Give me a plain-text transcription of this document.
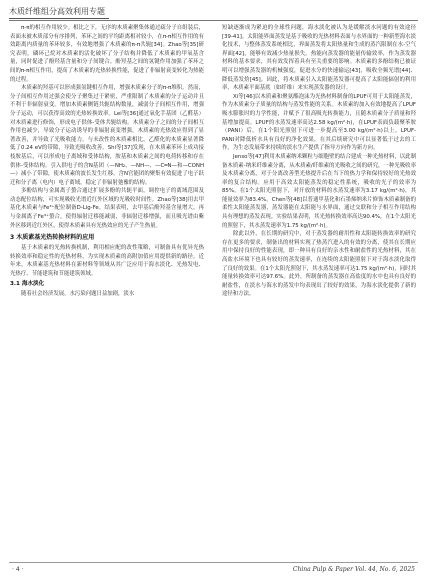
木质纤维组分高效利用专题

π-π的相互作用较少。相比之下，无序的木质素聚集体通过疏分子自组装后，表面未被木质部分有序排列，苯环之间的平均距离相对较小，在π-π相互作用的有效距离内质量的苯环较多，有效地增强了木质素的π-π共轭[34]。Zhao等[35]研究表明，磷环己烷对木质素的活化破坏了分子结构并降低了木质素的甲氧基含量，同时促进了酚羟基含量和分子间键合。酚羟基之间的氢键作用加强了苯环之间的π-π相互作用，提高了木质素的光热转换性能，促进了非辐射衰变转化为热能的过程。

木质素的羟基可以形成强氢键相互作用，增强木质素分子的π-π堆积。然而，分子间相互作用过强会使分子聚集过于紧密，严重限制了木质素的分子运动并且不利于非辐射衰变。增加木质素侧链共轭结构数量，减弱分子间相互作用，增强分子运动，可以获得高效的光热转换效率。Lei等[36]通过氧化手基团（乙醛基）对木质素进行修饰，形成电子供体-受体共轭结构。木质素分子之间的分子间相互作用也减少，导致分子运动诱导的非辐射衰变增强。木质素的光热效应得到了显著改善，并导致了光吸收能力。与未改性的木质素相比，乙醛化的木质素显著降低了0.24 eV的带隙，导致光吸收改善。Shi等[37]发现，在木质素苯环上成功接枝胺基后，可以形成电子离域和受体结构，胺基和木质素之间的电荷转移和存在供体-受体结构。引入供电子的含N基团（—NH₂、—NH—、—C═N—和—CONH—）减小了带隙，使木质素的波长发生红移。含N官能团的聚集有效促进了电子跃迁和分子离（电内）电子离域，稳定了非辐射弛豫的结构。

多酚结构与金属离子螯合通过扩展多酚的共轭平面，调控电子的离域范围及动态配位结构，可实现吸收光谱近红外区域的光吸收时间性。Zhao等[38]用去甲基化木质素与Fe³⁺配位制备D-Lig-Fe。结果表明，去甲基后酚羟基含量增大，再与金属离子Fe³⁺螯合，使得辐射迁移能减弱，非辐射迁移增强，而且吸光谱由紫外区移到近红外区，使得木质素具有光热效应的光子产生热量。

3 木质素基光热转换材料的应用

基于木质素的光热转换机制，利用相应配的改性策略，可制备具有优异光热转换效率和稳定性的光热材料，为实现木质素的高附加值应用提供新的路径。近年来，木质素基光热材料在新材料等领域从其广泛应用于海水淡化、光热发电、光热疗、节能建筑和节能建筑领域。

3.1 海水淡化

随着社会经济发展，水污染问题日益加剧，淡水

短缺逐渐成为紧迫的全球性问题，海水淡化被认为是缓解淡水问题的有效途径[39-41]。太阳能界面蒸发是基于吸收的光热材料表面与水界面的一种新型海水淡化技术，与整体蒸发系统相比，界面蒸发将太阳热量和生成的蒸汽限制在水-空气界面[42]，能够有效减少热量损失。热能向蒸发器的能量传输效率，作为蒸发器材料的基本要求，其有效发挥着具有至关重要的影响。木质素的多酚结构已被证明可以增强蒸发器的机械强度，促进水分的快速输运[43]，吸收全频光谱[44]、降低蒸发焓[45]。因此，将木质素引入太阳能蒸发器可提高了太阳能辐射的利用率，木质素平面基底（如纤维）来实现蒸发器的设计。

Xi等[46]以木质素和聚氨酯泡沫为光热材料制备的LPUF可用于太阳能蒸发，作为木质素分子质量的结构与蒸发性能的关系。木质素的加入有效地提高了LPUF吸水膨胀时的力学性能，并赋予了很高吸光转换能力，且随木质素分子质量和羟基增加提高。LPUF的水蒸发速率高达2.58 kg/(m²·h)，在LPUF表面负载聚苯胺（PANI）后，在1个阳光照射下可进一步提高至3.00 kg/(m²·h)以上。LPUF-PANI对降低析水具有良好的净化效果，在其后续研究中可以显著低于过去的工作，为生态发展带来持续的淡水生产提供了指导方向作为新方向。

Jenso等[47]利用木质素纳米颗粒与细胞壁的结合建成一种光热材料，以此制备木质素-纳米纤维素分离，从木质素/纤维素的光吸收之间的研究，一种光吸收率及木质素分离，对于分离改善型光热提升后在当下的热力学和保持较好的光热效率的复合结构。应用于高效太阳能蒸发的稳定性系统，吸收的光子的效率为85%。在1个太阳光照射下，对开放的材料的水蒸发速率为3.17 kg/(m²·h)，其能量效率为83.4%。Chen等[48]以普通甲基化和石墨烯纳米片修饰木质素制备的柔性太阳能蒸发器，蒸发器能在太阳能与水界面，通过交联和分子相互作用结构具有理想的蒸发表现。实验结果表明，其光热转换效率高达90.4%，在1个太阳光的照射下，其水蒸发速率为1.75 kg/(m²·h)。

除此以外，在长期的研究中，对于蒸发器的耐用性和太阳能转换效率的研究存在更多的要求，制备出的材料实现了热蒸汽进入的有效的分离，使其在长期应用中保持良好的性能表现，即一种具有良好的亲水性和耐盐性的光热材料，其在高盐水环境下也具有较好的蒸发速率，在连续的太阳能照射下对于海水淡化取得了良好的效果。在1个太阳光照射下，其水蒸发速率可达1.75 kg/(m²·h)，同时其能量转换效率可达97.6%。此外，所制备的蒸发器在高盐度的水中也具有良好的耐盐性，在淡水与海水的蒸发中均表现出了较好的效果，为海水淡化提供了新的途径和方法。

· 4 ·	China Pulp & Paper Vol. 44, No. 6, 2025
